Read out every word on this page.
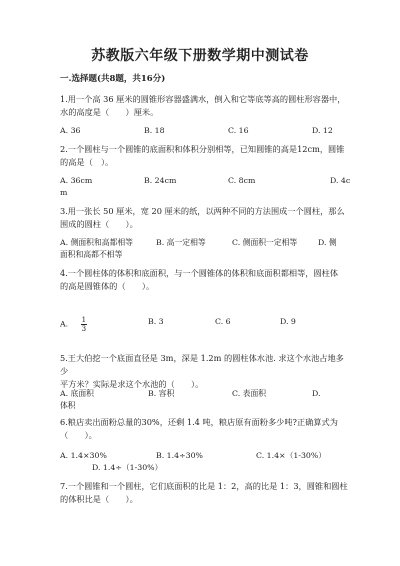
苏教版六年级下册数学期中测试卷
一.选择题(共8题，共16分)
1.用一个高 36 厘米的圆锥形容器盛满水，倒入和它等底等高的圆柱形容器中，
水的高度是（　　）厘米。
A. 36	B. 18	C. 16	D. 12
2.一个圆柱与一个圆锥的底面积和体积分别相等，已知圆锥的高是12cm，圆锥
的高是（　）。
A. 36cm	B. 24cm	C. 8cm	D. 4c
m
3.用一张长 50 厘米，宽 20 厘米的纸，以两种不同的方法围成一个圆柱，那么
围成的圆柱（　　）。
A. 侧面积和高都相等	B. 高一定相等	C. 侧面积一定相等	D. 侧
面积和高都不相等
4.一个圆柱体的体积和底面积，与一个圆锥体的体积和底面积都相等，圆柱体
的高是圆锥体的（　　）。
A. $\frac{1}{3}$	B. 3	C. 6	D. 9
5.王大伯挖一个底面直径是 3m，深是 1.2m 的圆柱体水池. 求这个水池占地多少
平方米？实际是求这个水池的（　　）。
A. 底面积	B. 容积	C. 表面积	D.
体积
6.粮店卖出面粉总量的30%，还剩 1.4 吨，粮店原有面粉多少吨?正确算式为
（　　）。
A. 1.4×30%	B. 1.4÷30%	C. 1.4×（1-30%）
D. 1.4÷（1-30%）
7.一个圆锥和一个圆柱，它们底面积的比是 1：2，高的比是 1：3，圆锥和圆柱
的体积比是（　　）。
